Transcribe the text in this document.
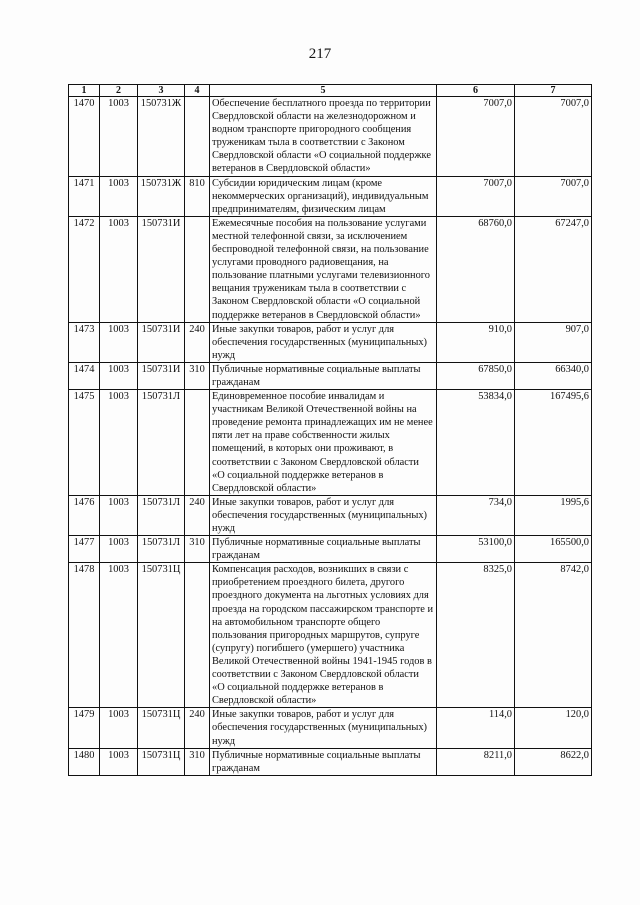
217
1	2	3	4	5	6	7
1470	1003	150731Ж		Обеспечение бесплатного проезда по территории Свердловской области на железнодорожном и водном транспорте пригородного сообщения труженикам тыла в соответствии с Законом Свердловской области «О социальной поддержке ветеранов в Свердловской области»	7007,0	7007,0
1471	1003	150731Ж	810	Субсидии юридическим лицам (кроме некоммерческих организаций), индивидуальным предпринимателям, физическим лицам	7007,0	7007,0
1472	1003	150731И		Ежемесячные пособия на пользование услугами местной телефонной связи, за исключением беспроводной телефонной связи, на пользование услугами проводного радиовещания, на пользование платными услугами телевизионного вещания труженикам тыла в соответствии с Законом Свердловской области «О социальной поддержке ветеранов в Свердловской области»	68760,0	67247,0
1473	1003	150731И	240	Иные закупки товаров, работ и услуг для обеспечения государственных (муниципальных) нужд	910,0	907,0
1474	1003	150731И	310	Публичные нормативные социальные выплаты гражданам	67850,0	66340,0
1475	1003	150731Л		Единовременное пособие инвалидам и участникам Великой Отечественной войны на проведение ремонта принадлежащих им не менее пяти лет на праве собственности жилых помещений, в которых они проживают, в соответствии с Законом Свердловской области «О социальной поддержке ветеранов в Свердловской области»	53834,0	167495,6
1476	1003	150731Л	240	Иные закупки товаров, работ и услуг для обеспечения государственных (муниципальных) нужд	734,0	1995,6
1477	1003	150731Л	310	Публичные нормативные социальные выплаты гражданам	53100,0	165500,0
1478	1003	150731Ц		Компенсация расходов, возникших в связи с приобретением проездного билета, другого проездного документа на льготных условиях для проезда на городском пассажирском транспорте и на автомобильном транспорте общего пользования пригородных маршрутов, супруге (супругу) погибшего (умершего) участника Великой Отечественной войны 1941-1945 годов в соответствии с Законом Свердловской области «О социальной поддержке ветеранов в Свердловской области»	8325,0	8742,0
1479	1003	150731Ц	240	Иные закупки товаров, работ и услуг для обеспечения государственных (муниципальных) нужд	114,0	120,0
1480	1003	150731Ц	310	Публичные нормативные социальные выплаты гражданам	8211,0	8622,0
